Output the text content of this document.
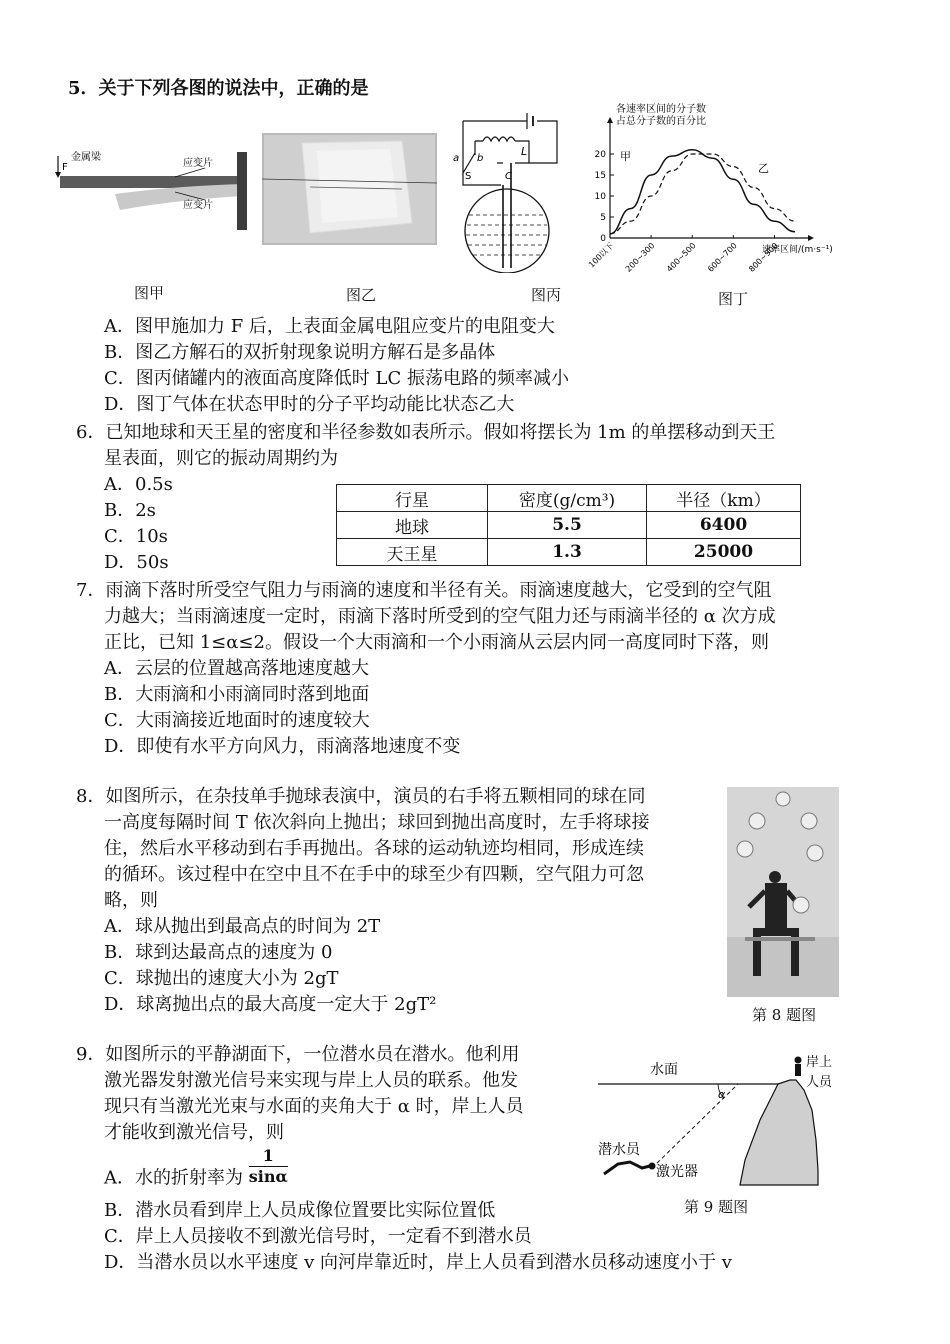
5．关于下列各图的说法中，正确的是
F
金属梁
应变片
应变片
图甲	图乙
L
a b
S	C
图丙
各速率区间的分子数
占总分子数的百分比
0
5
10
15
20
100以下 200~300 400~500 600~700 800~900
甲
乙
速率区间/(m·s⁻¹)
图丁
A．图甲施加力 F 后，上表面金属电阻应变片的电阻变大
B．图乙方解石的双折射现象说明方解石是多晶体
C．图丙储罐内的液面高度降低时 LC 振荡电路的频率减小
D．图丁气体在状态甲时的分子平均动能比状态乙大
6．已知地球和天王星的密度和半径参数如表所示。假如将摆长为 1m 的单摆移动到天王
星表面，则它的振动周期约为
A．0.5s
B．2s
C．10s
D．50s
行星	密度(g/cm³)	半径（km）
地球	5.5	6400
天王星	1.3	25000
7．雨滴下落时所受空气阻力与雨滴的速度和半径有关。雨滴速度越大，它受到的空气阻
力越大；当雨滴速度一定时，雨滴下落时所受到的空气阻力还与雨滴半径的 α 次方成
正比，已知 1≤α≤2。假设一个大雨滴和一个小雨滴从云层内同一高度同时下落，则
A．云层的位置越高落地速度越大
B．大雨滴和小雨滴同时落到地面
C．大雨滴接近地面时的速度较大
D．即使有水平方向风力，雨滴落地速度不变
8．如图所示，在杂技单手抛球表演中，演员的右手将五颗相同的球在同
一高度每隔时间 T 依次斜向上抛出；球回到抛出高度时，左手将球接
住，然后水平移动到右手再抛出。各球的运动轨迹均相同，形成连续
的循环。该过程中在空中且不在手中的球至少有四颗，空气阻力可忽
略，则
A．球从抛出到最高点的时间为 2T
B．球到达最高点的速度为 0
C．球抛出的速度大小为 2gT
D．球离抛出点的最大高度一定大于 2gT²	第 8 题图
9．如图所示的平静湖面下，一位潜水员在潜水。他利用
激光器发射激光信号来实现与岸上人员的联系。他发
现只有当激光光束与水面的夹角大于 α 时，岸上人员
才能收到激光信号，则
A．水的折射率为 $\frac{1}{\sin\alpha}$
B．潜水员看到岸上人员成像位置要比实际位置低
C．岸上人员接收不到激光信号时，一定看不到潜水员
D．当潜水员以水平速度 v 向河岸靠近时，岸上人员看到潜水员移动速度小于 v
水面	岸上
人员
α
潜水员
激光器
第 9 题图
